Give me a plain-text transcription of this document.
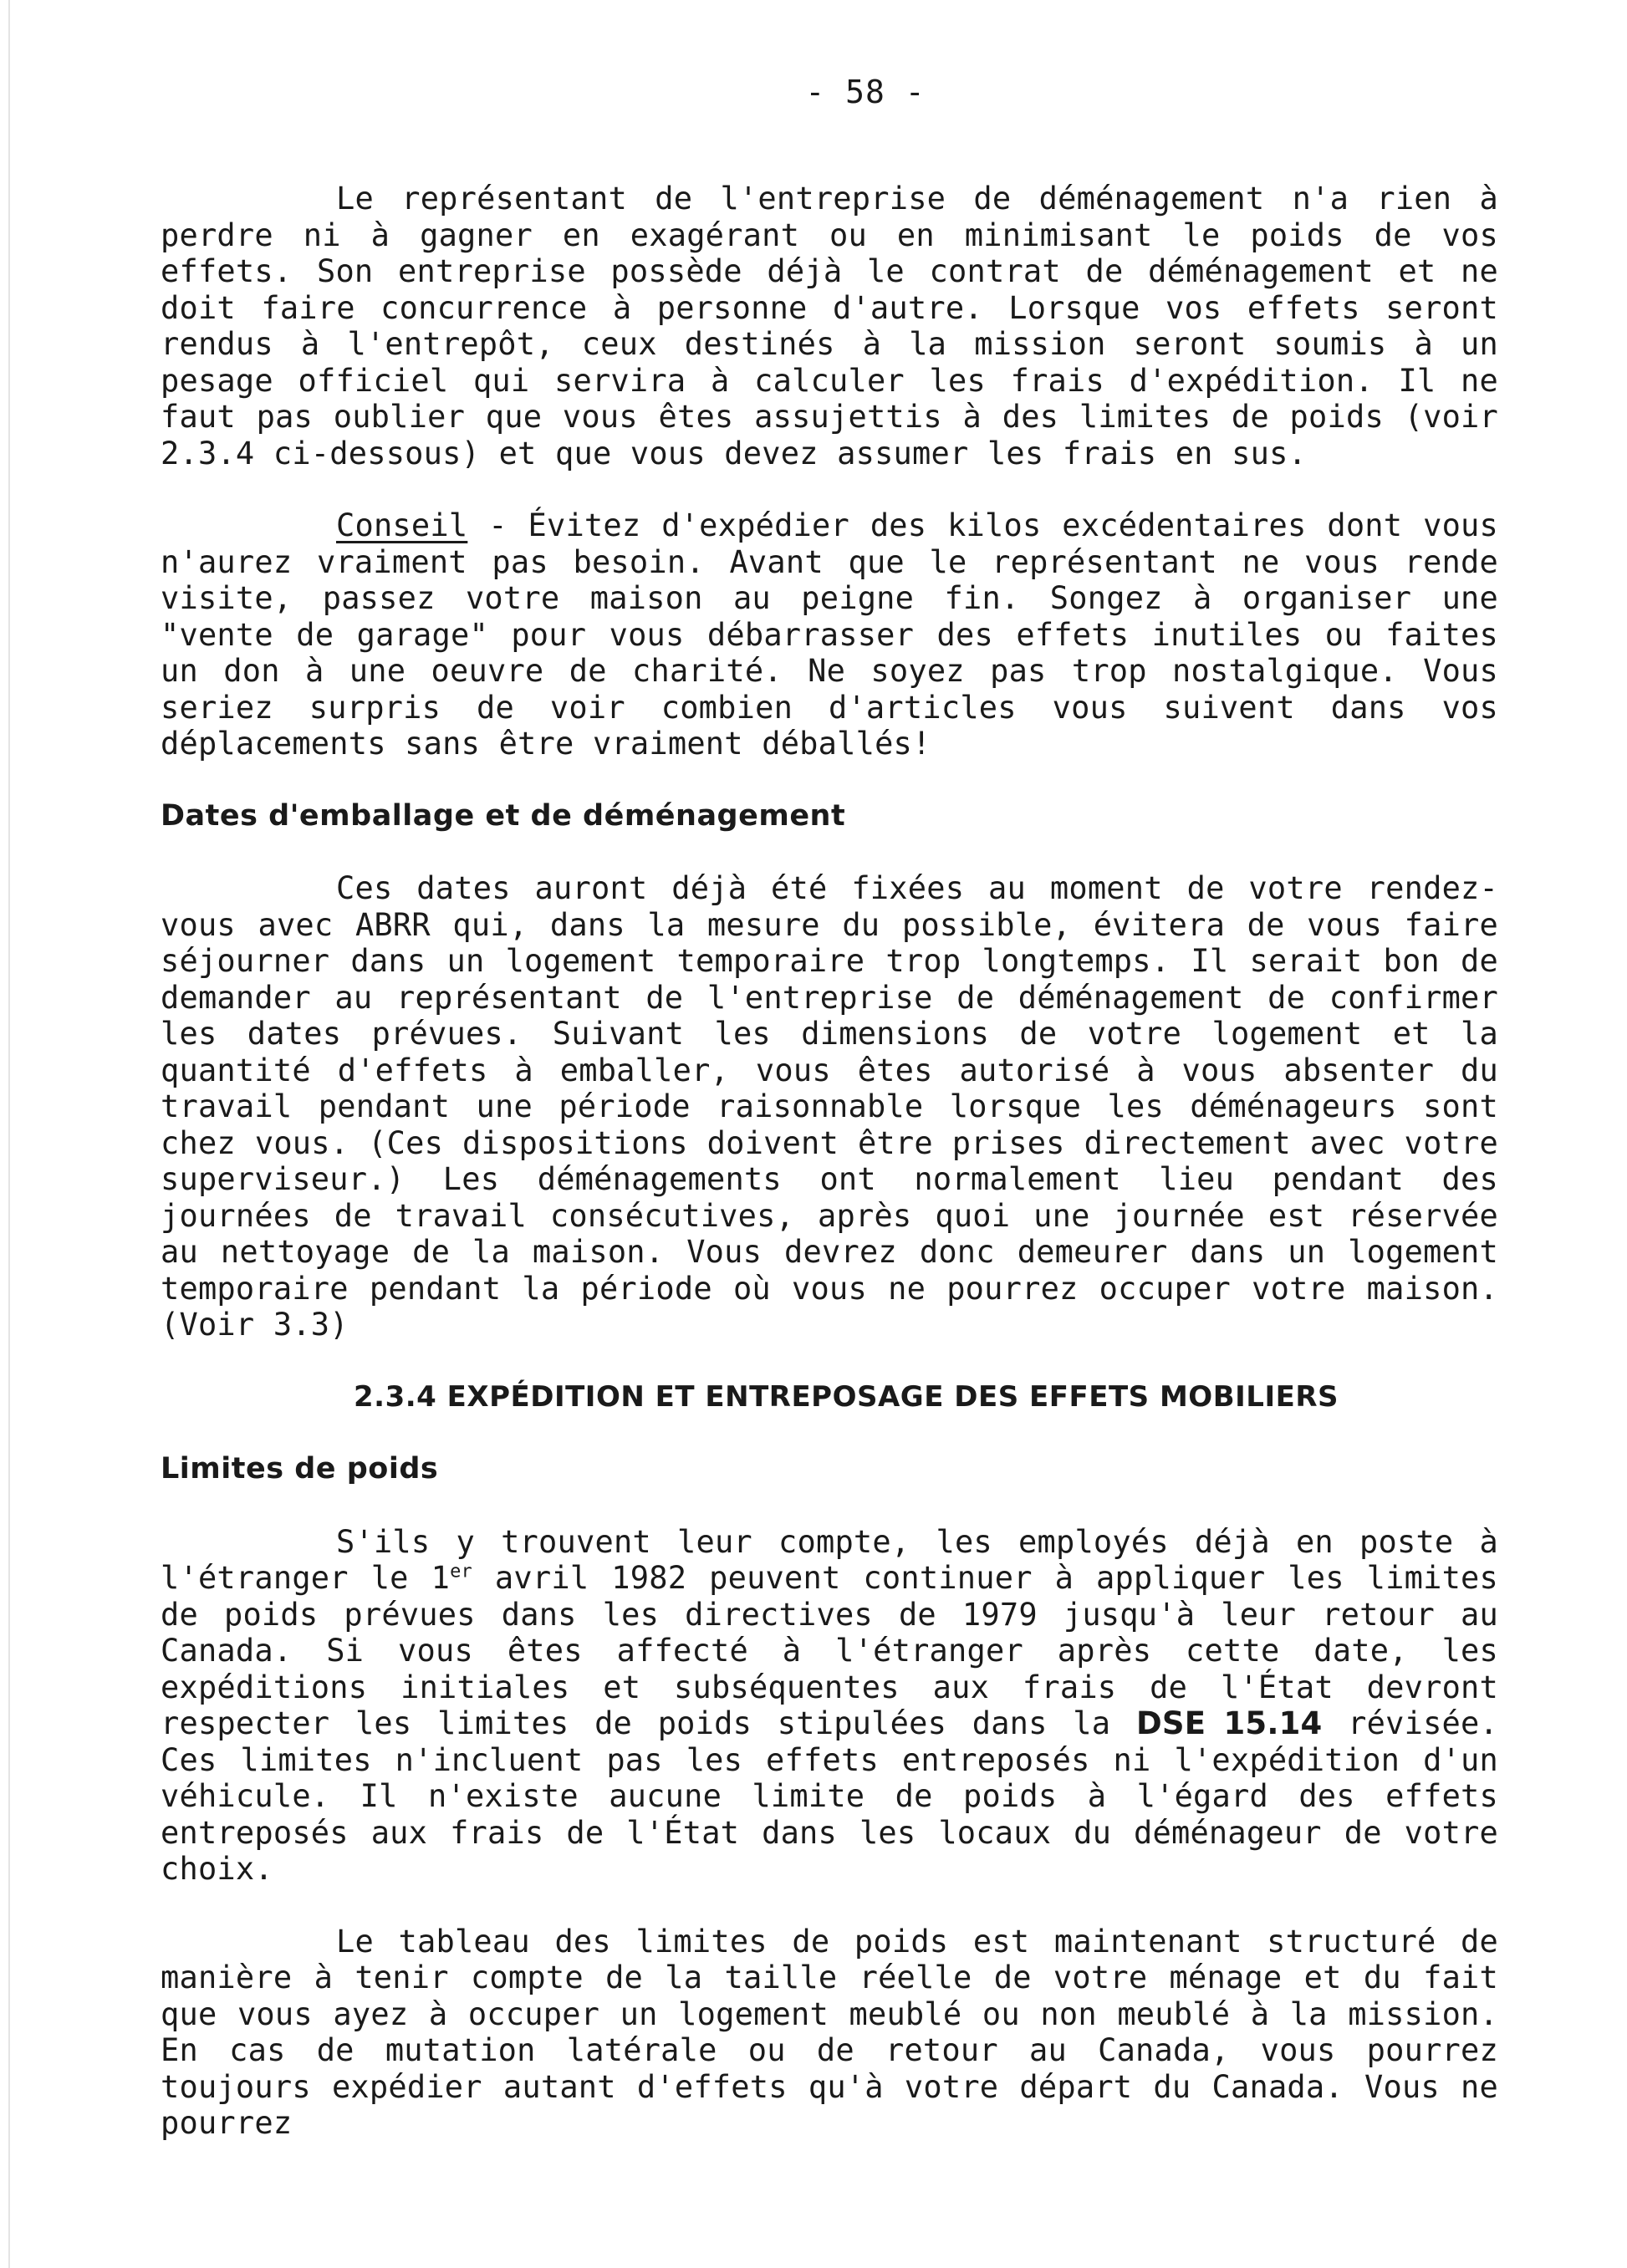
- 58 -

Le représentant de l'entreprise de déménagement n'a rien à perdre ni à gagner en exagérant ou en minimisant le poids de vos effets. Son entreprise possède déjà le contrat de déménagement et ne doit faire concurrence à personne d'autre. Lorsque vos effets seront rendus à l'entrepôt, ceux destinés à la mission seront soumis à un pesage officiel qui servira à calculer les frais d'expédition. Il ne faut pas oublier que vous êtes assujettis à des limites de poids (voir 2.3.4 ci-dessous) et que vous devez assumer les frais en sus.

Conseil - Évitez d'expédier des kilos excédentaires dont vous n'aurez vraiment pas besoin. Avant que le représentant ne vous rende visite, passez votre maison au peigne fin. Songez à organiser une "vente de garage" pour vous débarrasser des effets inutiles ou faites un don à une oeuvre de charité. Ne soyez pas trop nostalgique. Vous seriez surpris de voir combien d'articles vous suivent dans vos déplacements sans être vraiment déballés!

Dates d'emballage et de déménagement

Ces dates auront déjà été fixées au moment de votre rendez-vous avec ABRR qui, dans la mesure du possible, évitera de vous faire séjourner dans un logement temporaire trop longtemps. Il serait bon de demander au représentant de l'entreprise de déménagement de confirmer les dates prévues. Suivant les dimensions de votre logement et la quantité d'effets à emballer, vous êtes autorisé à vous absenter du travail pendant une période raisonnable lorsque les déménageurs sont chez vous. (Ces dispositions doivent être prises directement avec votre superviseur.) Les déménagements ont normalement lieu pendant des journées de travail consécutives, après quoi une journée est réservée au nettoyage de la maison. Vous devrez donc demeurer dans un logement temporaire pendant la période où vous ne pourrez occuper votre maison. (Voir 3.3)

2.3.4 EXPÉDITION ET ENTREPOSAGE DES EFFETS MOBILIERS
Limites de poids

S'ils y trouvent leur compte, les employés déjà en poste à l'étranger le 1er avril 1982 peuvent continuer à appliquer les limites de poids prévues dans les directives de 1979 jusqu'à leur retour au Canada. Si vous êtes affecté à l'étranger après cette date, les expéditions initiales et subséquentes aux frais de l'État devront respecter les limites de poids stipulées dans la DSE 15.14 révisée. Ces limites n'incluent pas les effets entreposés ni l'expédition d'un véhicule. Il n'existe aucune limite de poids à l'égard des effets entreposés aux frais de l'État dans les locaux du déménageur de votre choix.

Le tableau des limites de poids est maintenant structuré de manière à tenir compte de la taille réelle de votre ménage et du fait que vous ayez à occuper un logement meublé ou non meublé à la mission. En cas de mutation latérale ou de retour au Canada, vous pourrez toujours expédier autant d'effets qu'à votre départ du Canada. Vous ne pourrez
